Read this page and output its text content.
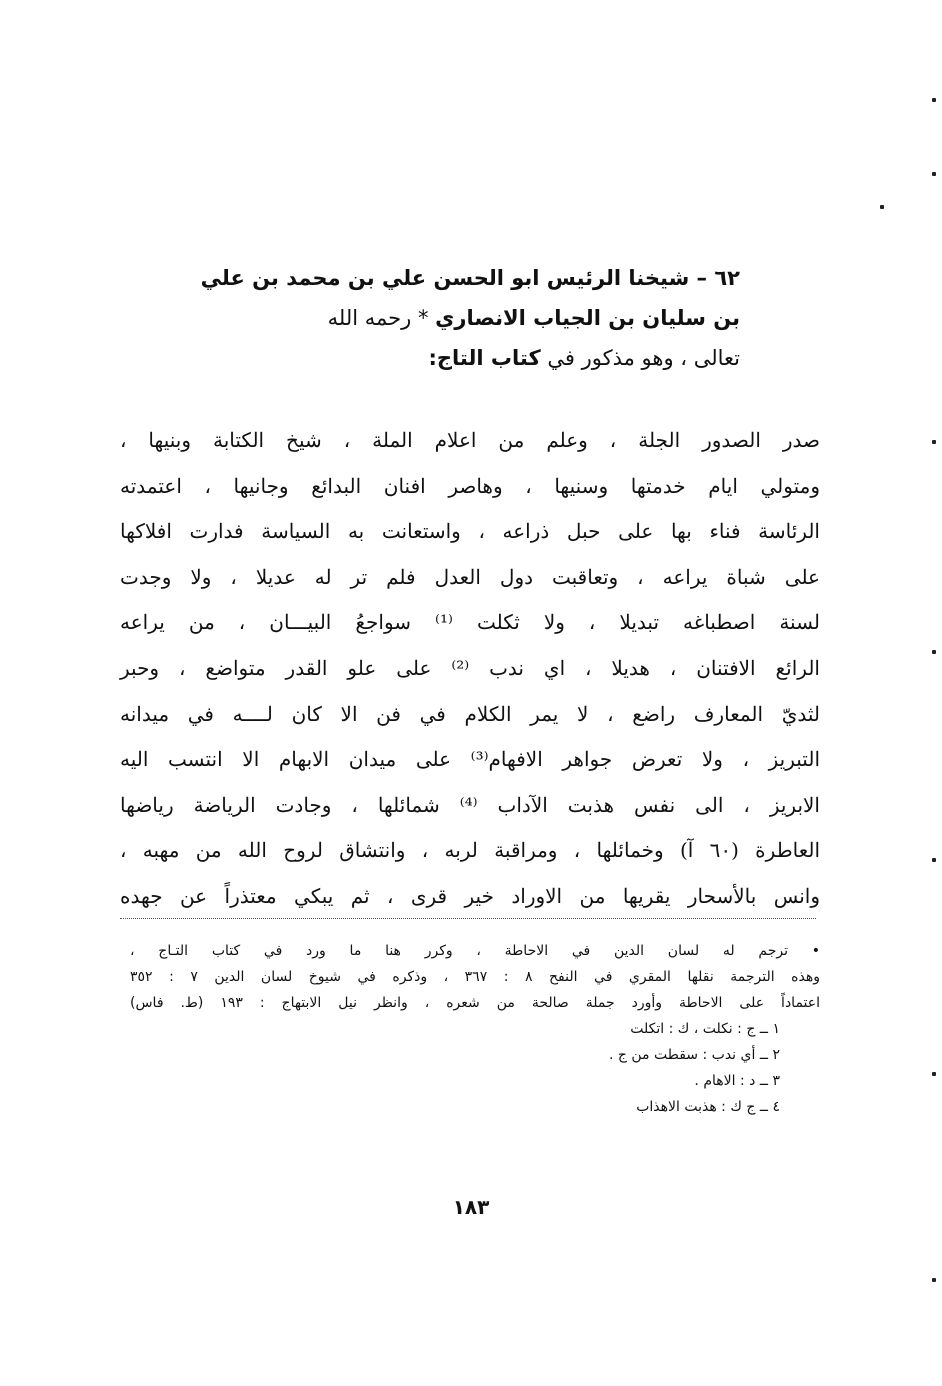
٦٢ – شيخنا الرئيس ابو الحسن علي بن محمد بن علي
بن سليان بن الجياب الانصاري * رحمه الله
تعالى ، وهو مذكور في كتاب التاج:
صدر الصدور الجلة ، وعلم من اعلام الملة ، شيخ الكتابة وبنيها ،
ومتولي ايام خدمتها وسنيها ، وهاصر افنان البدائع وجانيها ، اعتمدته
الرئاسة فناء بها على حبل ذراعه ، واستعانت به السياسة فدارت افلاكها
على شباة يراعه ، وتعاقبت دول العدل فلم تر له عديلا ، ولا وجدت
لسنة اصطباغه تبديلا ، ولا ثكلت ⁽¹⁾ سواجعُ البيـــان ، من يراعه
الرائع الافتنان ، هديلا ، اي ندب ⁽²⁾ على علو القدر متواضع ، وحبر
لثديّ المعارف راضع ، لا يمر الكلام في فن الا كان لــــه في ميدانه
التبريز ، ولا تعرض جواهر الافهام⁽³⁾ على ميدان الابهام الا انتسب اليه
الابريز ، الى نفس هذبت الآداب ⁽⁴⁾ شمائلها ، وجادت الرياضة رياضها
العاطرة (٦٠ آ) وخمائلها ، ومراقبة لربه ، وانتشاق لروح الله من مهبه ،
وانس بالأسحار يقريها من الاوراد خير قرى ، ثم يبكي معتذراً عن جهده
• ترجم له لسان الدين في الاحاطة ، وكرر هنا ما ورد في كتاب التـاج ،
وهذه الترجمة نقلها المقري في النفح ٨ : ٣٦٧ ، وذكره في شيوخ لسان الدين ٧ : ٣٥٢
اعتماداً على الاحاطة وأورد جملة صالحة من شعره ، وانظر نيل الابتهاج : ١٩٣ (ط. فاس)
١ ــ ج : نكلت ، ك : اتكلت
٢ ــ أي ندب : سقطت من ج .
٣ ــ د : الاهام .
٤ ــ ج ك : هذبت الاهذاب
١٨٣
